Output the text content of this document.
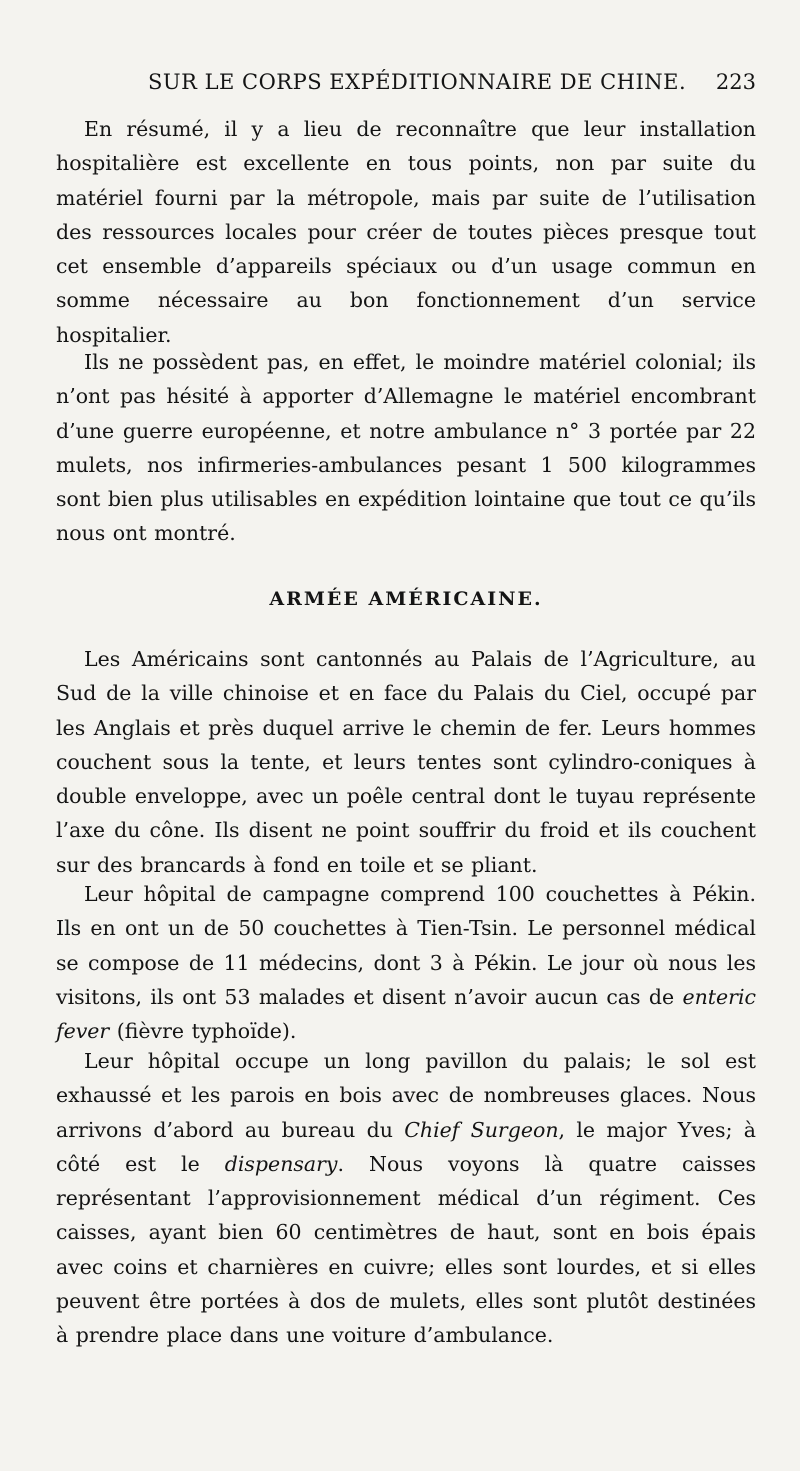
SUR LE CORPS EXPÉDITIONNAIRE DE CHINE. 223

En résumé, il y a lieu de reconnaître que leur installation hospitalière est excellente en tous points, non par suite du matériel fourni par la métropole, mais par suite de l’utilisation des ressources locales pour créer de toutes pièces presque tout cet ensemble d’appareils spéciaux ou d’un usage commun en somme nécessaire au bon fonctionnement d’un service hospitalier.

Ils ne possèdent pas, en effet, le moindre matériel colonial; ils n’ont pas hésité à apporter d’Allemagne le matériel encombrant d’une guerre européenne, et notre ambulance n° 3 portée par 22 mulets, nos infirmeries-ambulances pesant 1 500 kilogrammes sont bien plus utilisables en expédition lointaine que tout ce qu’ils nous ont montré.

ARMÉE AMÉRICAINE.

Les Américains sont cantonnés au Palais de l’Agriculture, au Sud de la ville chinoise et en face du Palais du Ciel, occupé par les Anglais et près duquel arrive le chemin de fer. Leurs hommes couchent sous la tente, et leurs tentes sont cylindro-coniques à double enveloppe, avec un poêle central dont le tuyau représente l’axe du cône. Ils disent ne point souffrir du froid et ils couchent sur des brancards à fond en toile et se pliant.

Leur hôpital de campagne comprend 100 couchettes à Pékin. Ils en ont un de 50 couchettes à Tien-Tsin. Le personnel médical se compose de 11 médecins, dont 3 à Pékin. Le jour où nous les visitons, ils ont 53 malades et disent n’avoir aucun cas de enteric fever (fièvre typhoïde).

Leur hôpital occupe un long pavillon du palais; le sol est exhaussé et les parois en bois avec de nombreuses glaces. Nous arrivons d’abord au bureau du Chief Surgeon, le major Yves; à côté est le dispensary. Nous voyons là quatre caisses représentant l’approvisionnement médical d’un régiment. Ces caisses, ayant bien 60 centimètres de haut, sont en bois épais avec coins et charnières en cuivre; elles sont lourdes, et si elles peuvent être portées à dos de mulets, elles sont plutôt destinées à prendre place dans une voiture d’ambulance.
